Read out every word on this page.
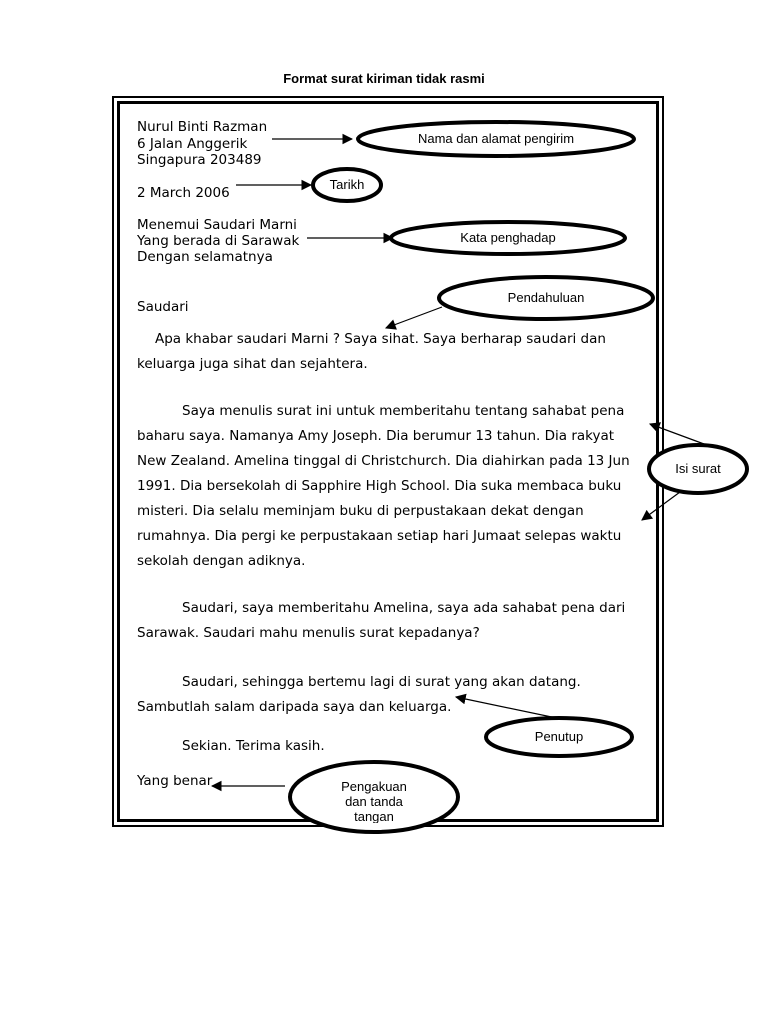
Format surat kiriman tidak rasmi
Nurul Binti Razman
6 Jalan Anggerik
Singapura 203489
2 March 2006
Menemui Saudari Marni
Yang berada di Sarawak
Dengan selamatnya
Saudari
Apa khabar saudari Marni ? Saya sihat. Saya berharap saudari dan
keluarga juga sihat dan sejahtera.
Saya menulis surat ini untuk memberitahu tentang sahabat pena
baharu saya. Namanya Amy Joseph. Dia berumur 13 tahun. Dia rakyat
New Zealand. Amelina tinggal di Christchurch. Dia diahirkan pada 13 Jun
1991. Dia bersekolah di Sapphire High School. Dia suka membaca buku
misteri. Dia selalu meminjam buku di perpustakaan dekat dengan
rumahnya. Dia pergi ke perpustakaan setiap hari Jumaat selepas waktu
sekolah dengan adiknya.
Saudari, saya memberitahu Amelina, saya ada sahabat pena dari
Sarawak. Saudari mahu menulis surat kepadanya?
Saudari, sehingga bertemu lagi di surat yang akan datang.
Sambutlah salam daripada saya dan keluarga.
Sekian. Terima kasih.
Yang benar
Nama dan alamat pengirim
Tarikh
Kata penghadap
Pendahuluan
Isi surat
Penutup
Pengakuan
dan tanda
tangan
